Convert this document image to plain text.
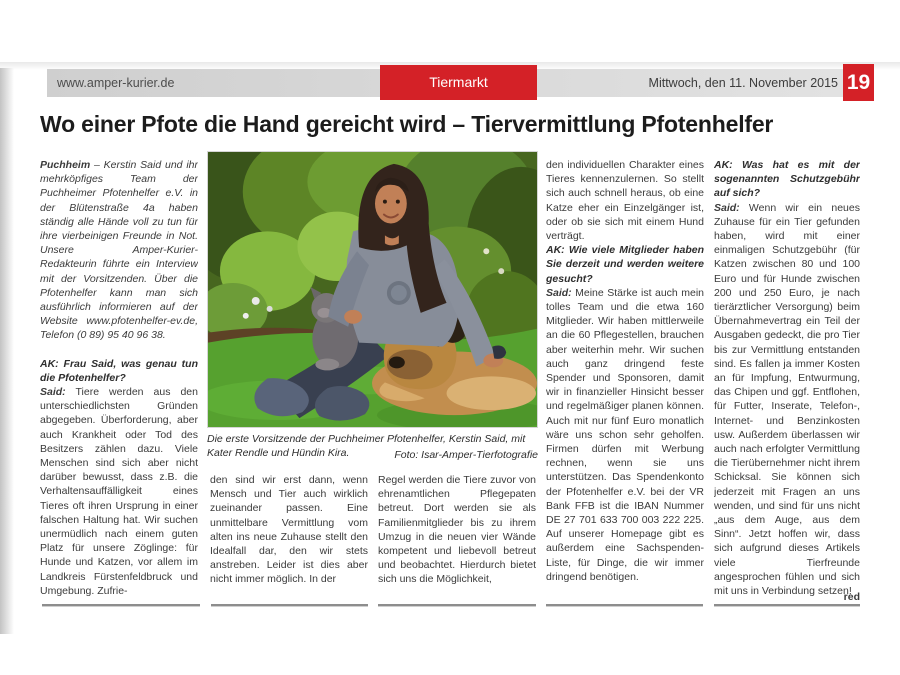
www.amper-kurier.de	Mittwoch, den 11. November 2015
Tiermarkt	19
Wo einer Pfote die Hand gereicht wird – Tiervermittlung Pfotenhelfer
Die erste Vorsitzende der Puchheimer Pfotenhelfer, Kerstin Said, mit Kater Rendle und Hündin Kira.	Foto: Isar-Amper-Tierfotografie

Puchheim – Kerstin Said und ihr mehrköpfiges Team der Puchheimer Pfotenhelfer e.V. in der Blütenstraße 4a haben ständig alle Hände voll zu tun für ihre vierbeinigen Freunde in Not. Unsere Amper-Kurier-Redakteurin führte ein Interview mit der Vorsitzenden. Über die Pfotenhelfer kann man sich ausführlich informieren auf der Website www.pfotenhelfer-ev.de, Telefon (0 89) 95 40 96 38.

AK: Frau Said, was genau tun die Pfotenhelfer?

Said: Tiere werden aus den unterschiedlichsten Gründen abgegeben. Überforderung, aber auch Krankheit oder Tod des Besitzers zählen dazu. Viele Menschen sind sich aber nicht darüber bewusst, dass z.B. die Verhaltensauffälligkeit eines Tieres oft ihren Ursprung in einer falschen Haltung hat. Wir suchen unermüdlich nach einem guten Platz für unsere Zöglinge: für Hunde und Katzen, vor allem im Landkreis Fürstenfeldbruck und Umgebung. Zufrie-

den sind wir erst dann, wenn Mensch und Tier auch wirklich zueinander passen. Eine unmittelbare Vermittlung vom alten ins neue Zuhause stellt den Idealfall dar, den wir stets anstreben. Leider ist dies aber nicht immer möglich. In der

Regel werden die Tiere zuvor von ehrenamtlichen Pflegepaten betreut. Dort werden sie als Familienmitglieder bis zu ihrem Umzug in die neuen vier Wände kompetent und liebevoll betreut und beobachtet. Hierdurch bietet sich uns die Möglichkeit,

den individuellen Charakter eines Tieres kennenzulernen. So stellt sich auch schnell heraus, ob eine Katze eher ein Einzelgänger ist, oder ob sie sich mit einem Hund verträgt.

AK: Wie viele Mitglieder haben Sie derzeit und werden weitere gesucht?

Said: Meine Stärke ist auch mein tolles Team und die etwa 160 Mitglieder. Wir haben mittlerweile an die 60 Pflegestellen, brauchen aber weiterhin mehr. Wir suchen auch ganz dringend feste Spender und Sponsoren, damit wir in finanzieller Hinsicht besser und regelmäßiger planen können. Auch mit nur fünf Euro monatlich wäre uns schon sehr geholfen. Firmen dürfen mit Werbung rechnen, wenn sie uns unterstützen. Das Spendenkonto der Pfotenhelfer e.V. bei der VR Bank FFB ist die IBAN Nummer DE 27 701 633 700 003 222 225. Auf unserer Homepage gibt es außerdem eine Sachspenden-Liste, für Dinge, die wir immer dringend benötigen.

AK: Was hat es mit der sogenannten Schutzgebühr auf sich?

Said: Wenn wir ein neues Zuhause für ein Tier gefunden haben, wird mit einer einmaligen Schutzgebühr (für Katzen zwischen 80 und 100 Euro und für Hunde zwischen 200 und 250 Euro, je nach tierärztlicher Versorgung) beim Übernahmevertrag ein Teil der Ausgaben gedeckt, die pro Tier bis zur Vermittlung entstanden sind. Es fallen ja immer Kosten an für Impfung, Entwurmung, das Chipen und ggf. Entflohen, für Futter, Inserate, Telefon-, Internet- und Benzinkosten usw. Außerdem überlassen wir auch nach erfolgter Vermittlung die Tierübernehmer nicht ihrem Schicksal. Sie können sich jederzeit mit Fragen an uns wenden, und sind für uns nicht „aus dem Auge, aus dem Sinn“. Jetzt hoffen wir, dass sich aufgrund dieses Artikels viele Tierfreunde angesprochen fühlen und sich mit uns in Verbindung setzen!

red
